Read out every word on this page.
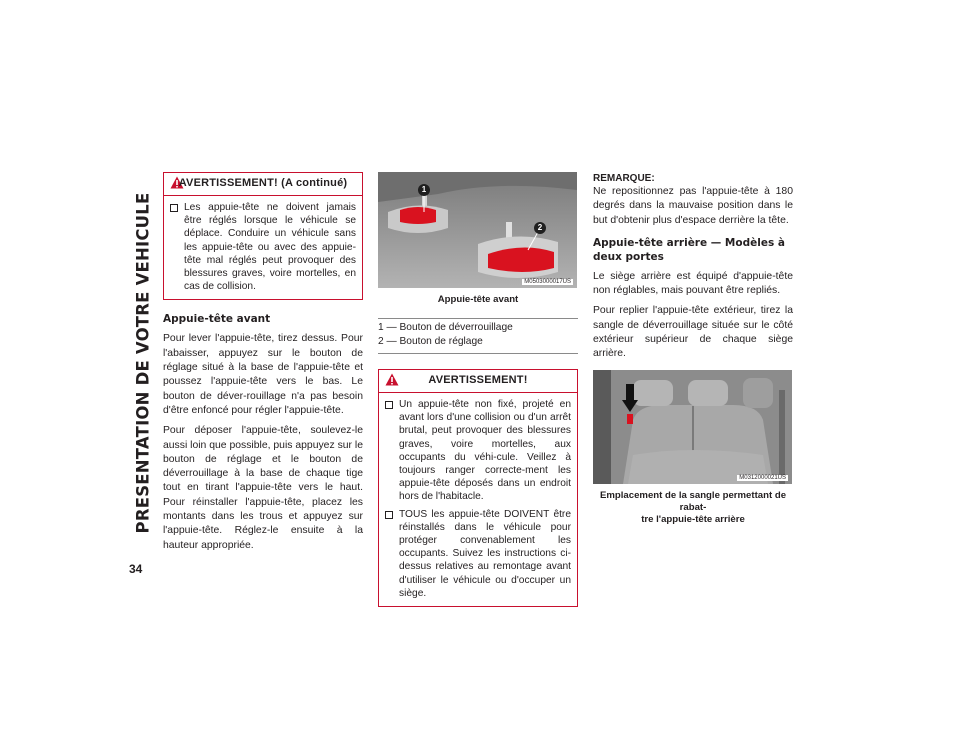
PRESENTATION DE VOTRE VEHICULE
34
AVERTISSEMENT! (A continué)
Les appuie-tête ne doivent jamais être réglés lorsque le véhicule se déplace. Conduire un véhicule sans les appuie-tête ou avec des appuie-tête mal réglés peut provoquer des blessures graves, voire mortelles, en cas de collision.
Appuie-tête avant

Pour lever l'appuie-tête, tirez dessus. Pour l'abaisser, appuyez sur le bouton de réglage situé à la base de l'appuie-tête et poussez l'appuie-tête vers le bas. Le bouton de déver-rouillage n'a pas besoin d'être enfoncé pour régler l'appuie-tête.

Pour déposer l'appuie-tête, soulevez-le aussi loin que possible, puis appuyez sur le bouton de réglage et le bouton de déverrouillage à la base de chaque tige tout en tirant l'appuie-tête vers le haut. Pour réinstaller l'appuie-tête, placez les montants dans les trous et appuyez sur l'appuie-tête. Réglez-le ensuite à la hauteur appropriée.

1
2
M0503000017US
Appuie-tête avant
1 — Bouton de déverrouillage
2 — Bouton de réglage
AVERTISSEMENT!
Un appuie-tête non fixé, projeté en avant lors d'une collision ou d'un arrêt brutal, peut provoquer des blessures graves, voire mortelles, aux occupants du véhi-cule. Veillez à toujours ranger correcte-ment les appuie-tête déposés dans un endroit hors de l'habitacle.
TOUS les appuie-tête DOIVENT être réinstallés dans le véhicule pour protéger convenablement les occupants. Suivez les instructions ci-dessus relatives au remontage avant d'utiliser le véhicule ou d'occuper un siège.
REMARQUE:

Ne repositionnez pas l'appuie-tête à 180 degrés dans la mauvaise position dans le but d'obtenir plus d'espace derrière la tête.

Appuie-tête arrière — Modèles à deux portes

Le siège arrière est équipé d'appuie-tête non réglables, mais pouvant être repliés.

Pour replier l'appuie-tête extérieur, tirez la sangle de déverrouillage située sur le côté extérieur supérieur de chaque siège arrière.

M0312000021US
Emplacement de la sangle permettant de rabat-
tre l'appuie-tête arrière
